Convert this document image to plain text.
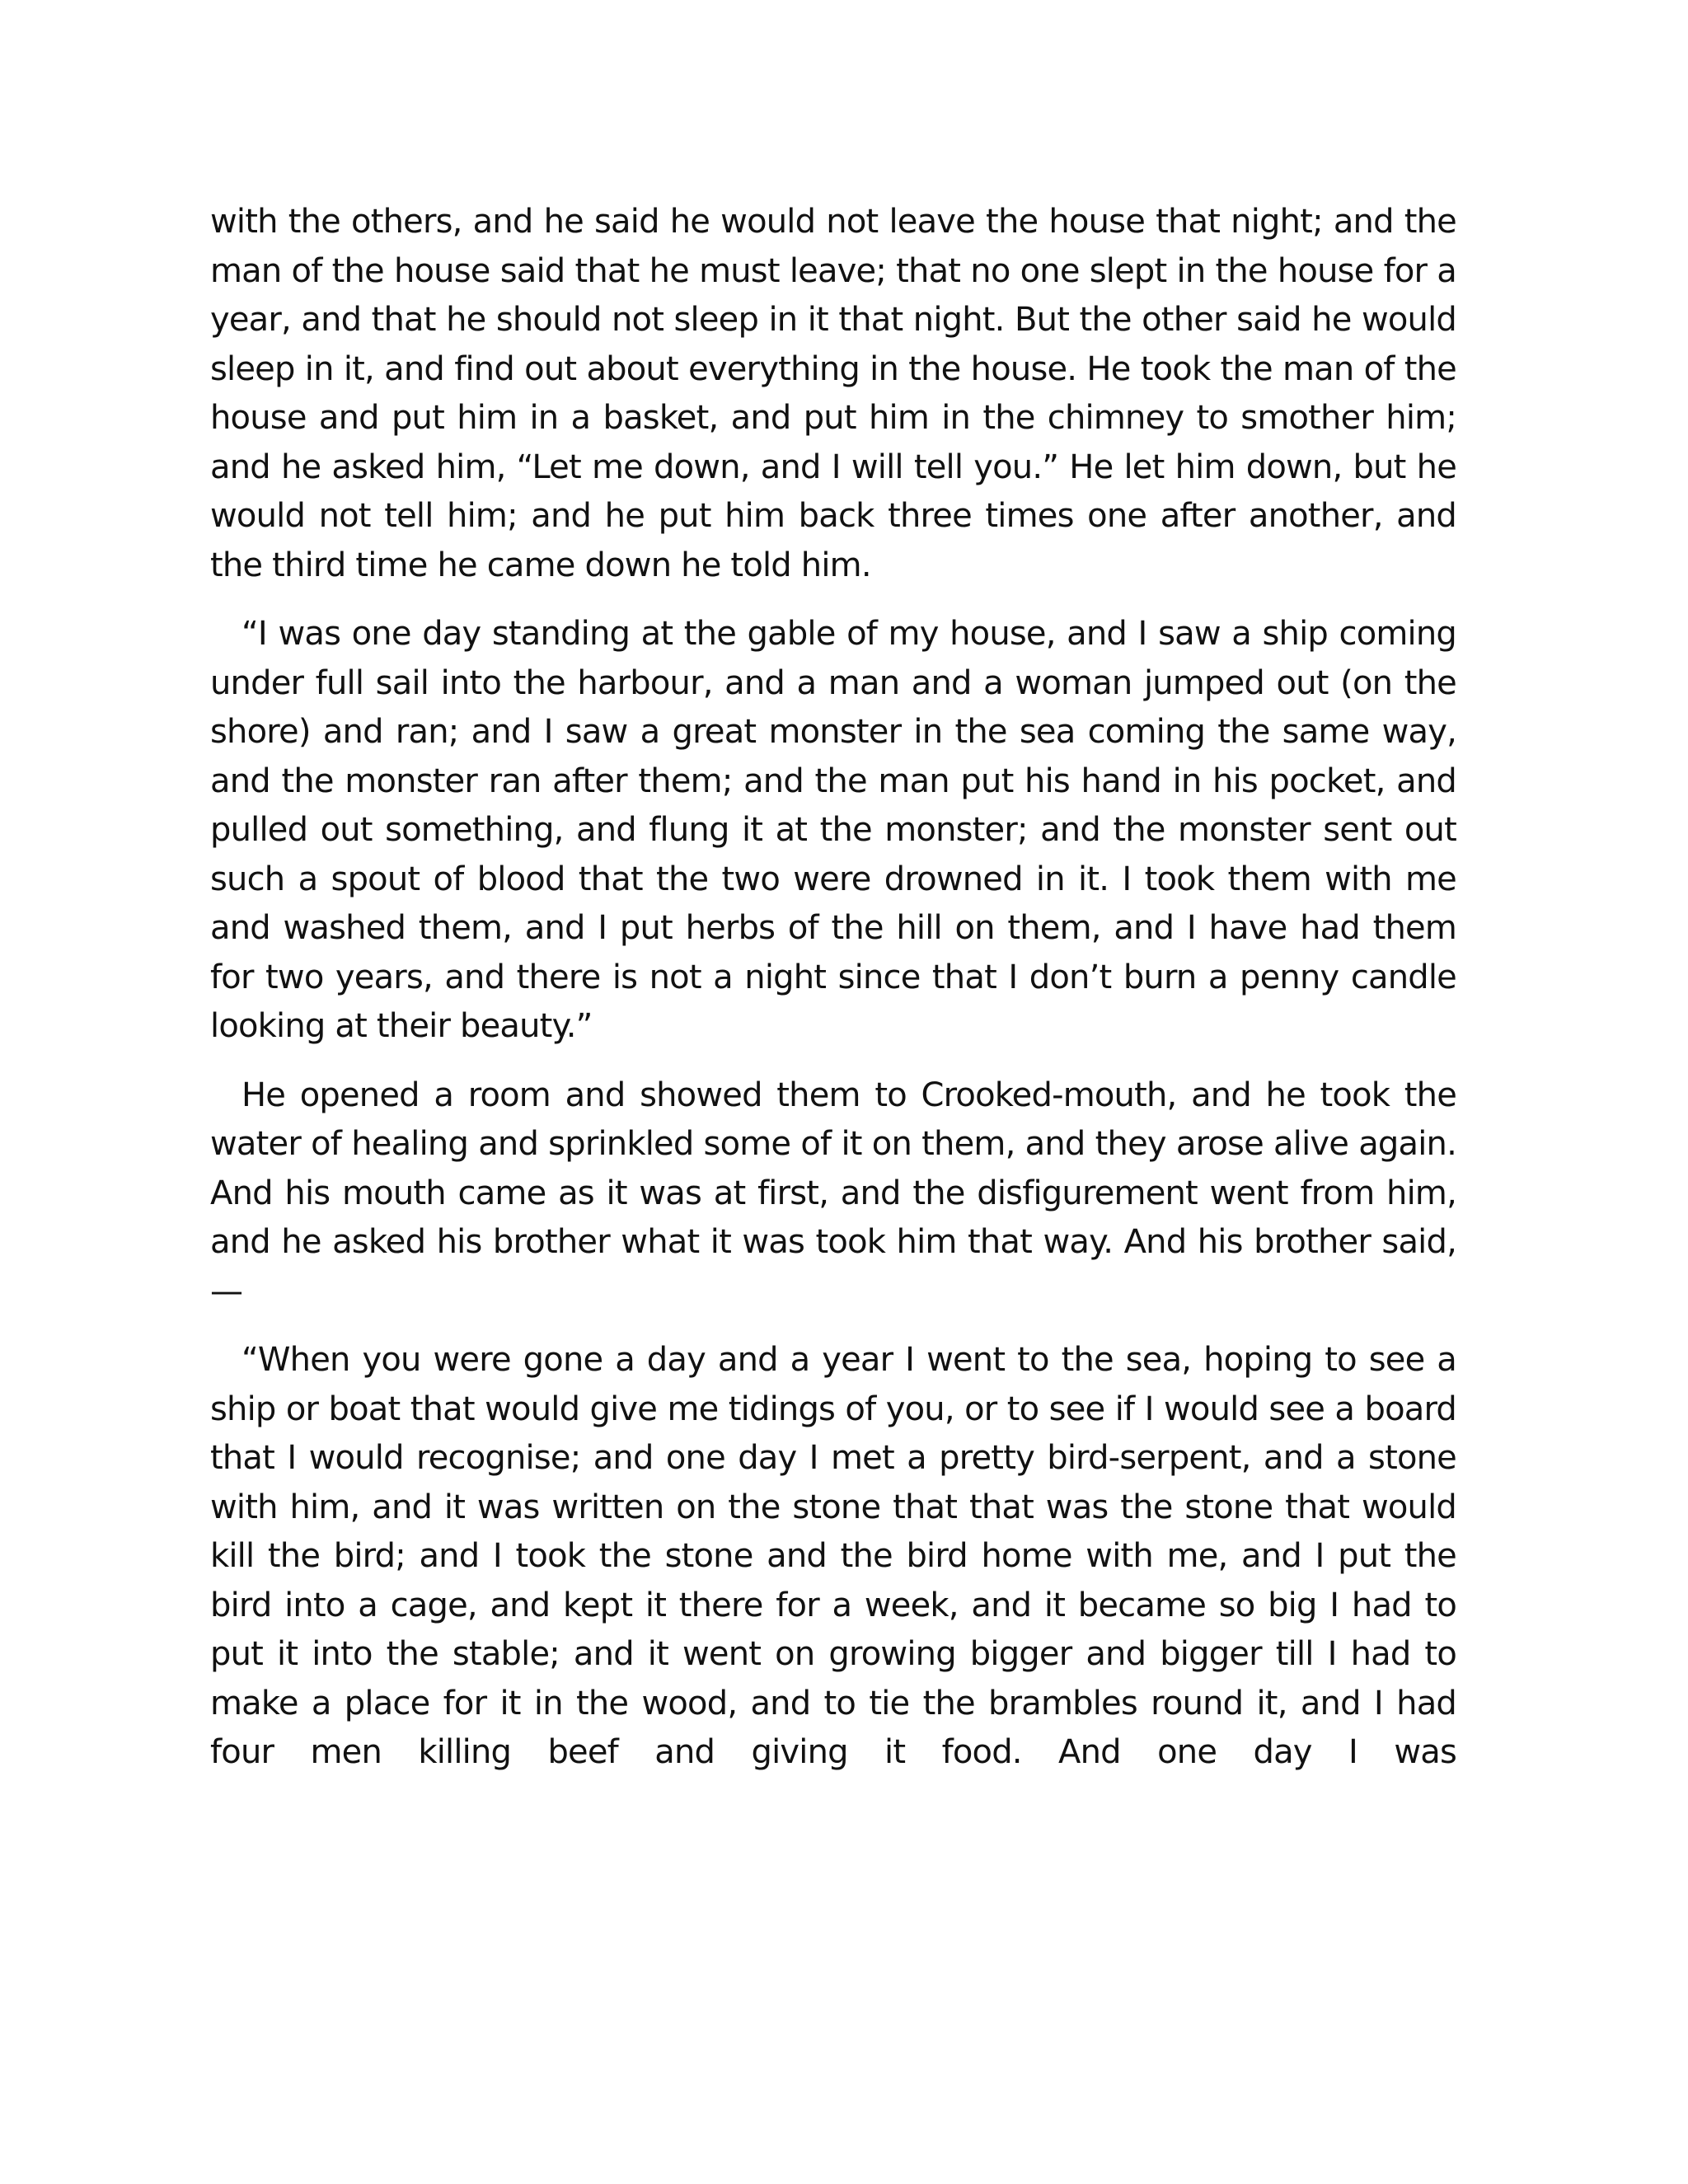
with the others, and he said he would not leave the house that night; and the man of the house said that he must leave; that no one slept in the house for a year, and that he should not sleep in it that night. But the other said he would sleep in it, and find out about everything in the house. He took the man of the house and put him in a basket, and put him in the chimney to smother him; and he asked him, “Let me down, and I will tell you.” He let him down, but he would not tell him; and he put him back three times one after another, and the third time he came down he told him.

“I was one day standing at the gable of my house, and I saw a ship coming under full sail into the harbour, and a man and a woman jumped out (on the shore) and ran; and I saw a great monster in the sea coming the same way, and the monster ran after them; and the man put his hand in his pocket, and pulled out something, and flung it at the monster; and the monster sent out such a spout of blood that the two were drowned in it. I took them with me and washed them, and I put herbs of the hill on them, and I have had them for two years, and there is not a night since that I don’t burn a penny candle looking at their beauty.”

He opened a room and showed them to Crooked-mouth, and he took the water of healing and sprinkled some of it on them, and they arose alive again. And his mouth came as it was at first, and the disfigurement went from him, and he asked his brother what it was took him that way. And his brother said,—

“When you were gone a day and a year I went to the sea, hoping to see a ship or boat that would give me tidings of you, or to see if I would see a board that I would recognise; and one day I met a pretty bird-serpent, and a stone with him, and it was written on the stone that that was the stone that would kill the bird; and I took the stone and the bird home with me, and I put the bird into a cage, and kept it there for a week, and it became so big I had to put it into the stable; and it went on growing bigger and bigger till I had to make a place for it in the wood, and to tie the brambles round it, and I had four men killing beef and giving it food. And one day I was
